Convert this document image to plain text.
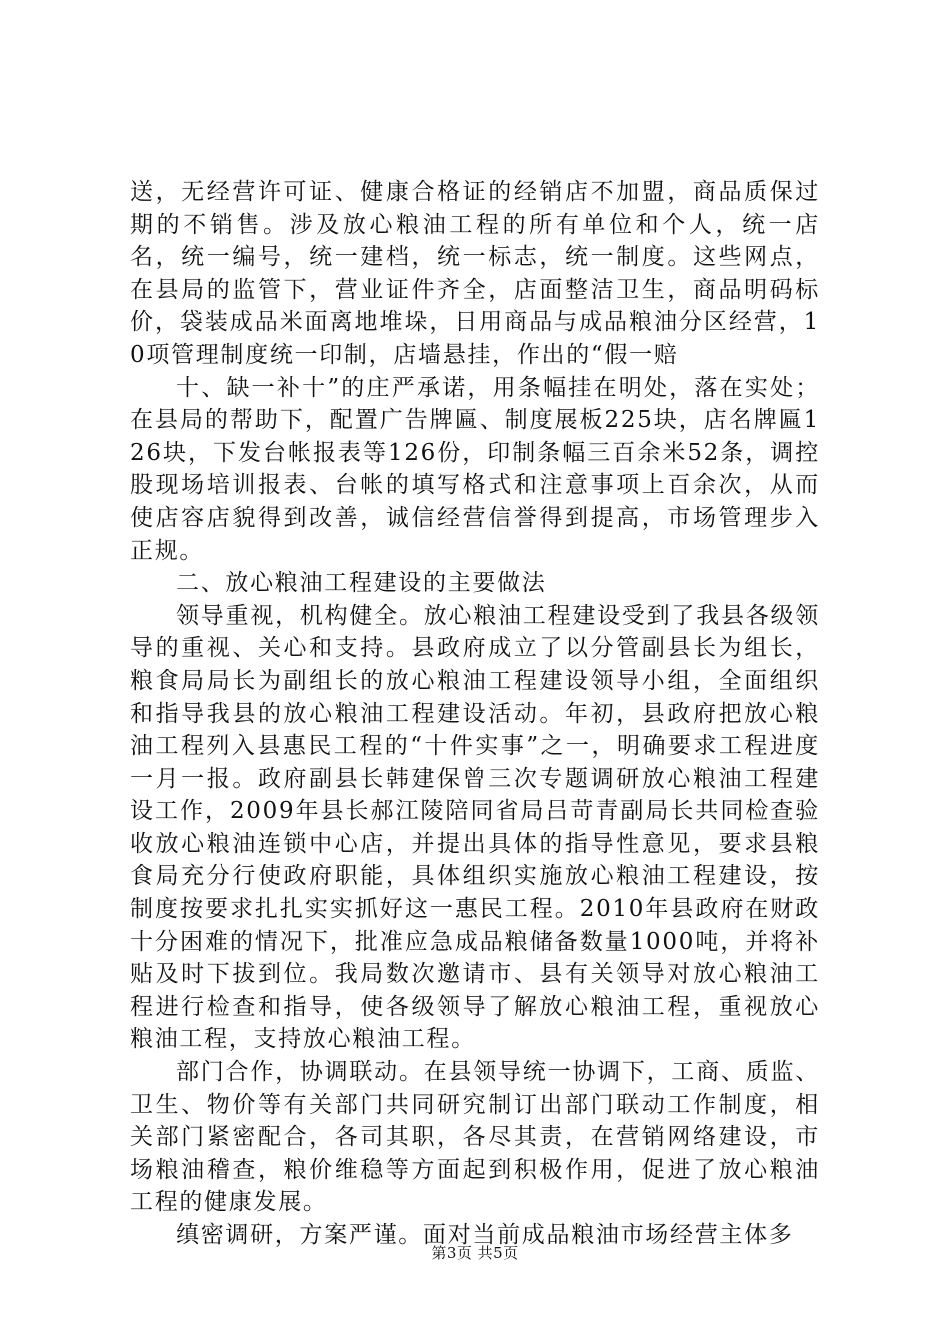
送，无经营许可证、健康合格证的经销店不加盟，商品质保过期的不销售。涉及放心粮油工程的所有单位和个人，统一店名，统一编号，统一建档，统一标志，统一制度。这些网点，在县局的监管下，营业证件齐全，店面整洁卫生，商品明码标价，袋装成品米面离地堆垛，日用商品与成品粮油分区经营，10项管理制度统一印制，店墙悬挂，作出的“假一赔

十、缺一补十”的庄严承诺，用条幅挂在明处，落在实处；在县局的帮助下，配置广告牌匾、制度展板225块，店名牌匾126块，下发台帐报表等126份，印制条幅三百余米52条，调控股现场培训报表、台帐的填写格式和注意事项上百余次，从而使店容店貌得到改善，诚信经营信誉得到提高，市场管理步入正规。

二、放心粮油工程建设的主要做法

领导重视，机构健全。放心粮油工程建设受到了我县各级领导的重视、关心和支持。县政府成立了以分管副县长为组长，粮食局局长为副组长的放心粮油工程建设领导小组，全面组织和指导我县的放心粮油工程建设活动。年初，县政府把放心粮油工程列入县惠民工程的“十件实事”之一，明确要求工程进度一月一报。政府副县长韩建保曾三次专题调研放心粮油工程建设工作，2009年县长郝江陵陪同省局吕苛青副局长共同检查验收放心粮油连锁中心店，并提出具体的指导性意见，要求县粮食局充分行使政府职能，具体组织实施放心粮油工程建设，按制度按要求扎扎实实抓好这一惠民工程。2010年县政府在财政十分困难的情况下，批准应急成品粮储备数量1000吨，并将补贴及时下拔到位。我局数次邀请市、县有关领导对放心粮油工程进行检查和指导，使各级领导了解放心粮油工程，重视放心粮油工程，支持放心粮油工程。

部门合作，协调联动。在县领导统一协调下，工商、质监、卫生、物价等有关部门共同研究制订出部门联动工作制度，相关部门紧密配合，各司其职，各尽其责，在营销网络建设，市场粮油稽查，粮价维稳等方面起到积极作用，促进了放心粮油工程的健康发展。

缜密调研，方案严谨。面对当前成品粮油市场经营主体多

第3页 共5页
